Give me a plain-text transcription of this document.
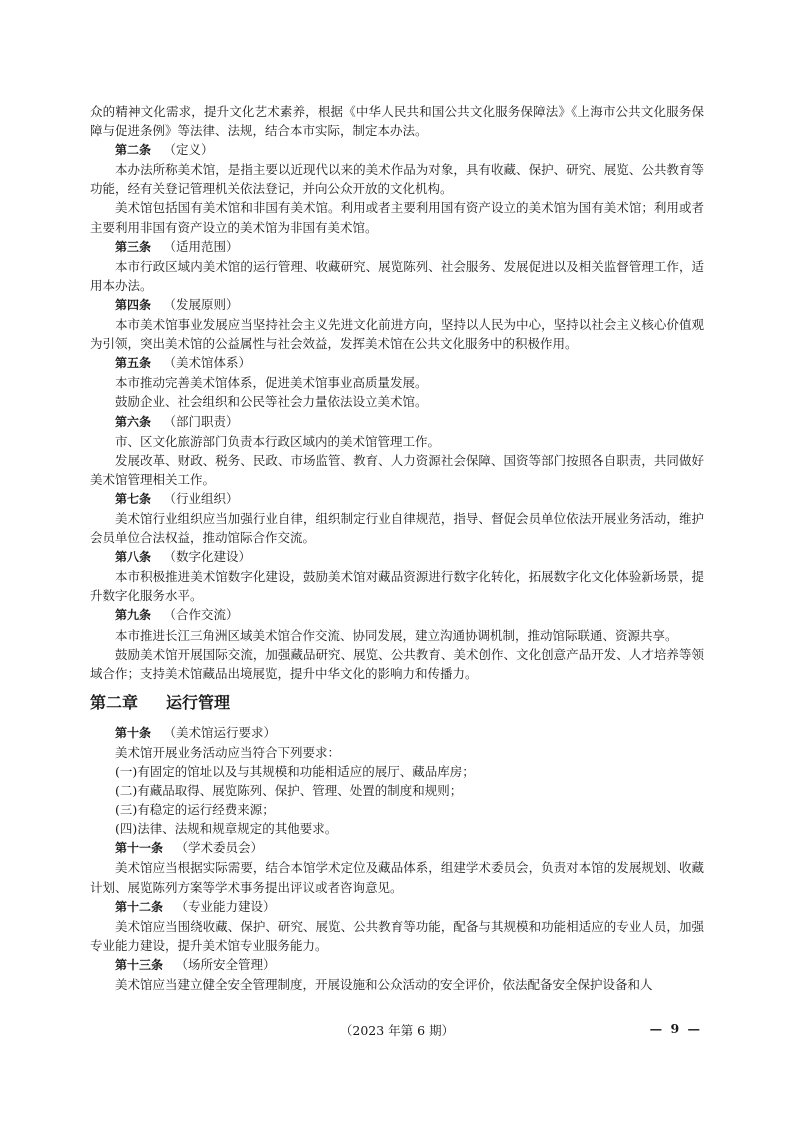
众的精神文化需求，提升文化艺术素养，根据《中华人民共和国公共文化服务保障法》《上海市公共文化服务保障与促进条例》等法律、法规，结合本市实际，制定本办法。

第二条 （定义）

本办法所称美术馆，是指主要以近现代以来的美术作品为对象，具有收藏、保护、研究、展览、公共教育等功能，经有关登记管理机关依法登记，并向公众开放的文化机构。

美术馆包括国有美术馆和非国有美术馆。利用或者主要利用国有资产设立的美术馆为国有美术馆；利用或者主要利用非国有资产设立的美术馆为非国有美术馆。

第三条 （适用范围）

本市行政区域内美术馆的运行管理、收藏研究、展览陈列、社会服务、发展促进以及相关监督管理工作，适用本办法。

第四条 （发展原则）

本市美术馆事业发展应当坚持社会主义先进文化前进方向，坚持以人民为中心，坚持以社会主义核心价值观为引领，突出美术馆的公益属性与社会效益，发挥美术馆在公共文化服务中的积极作用。

第五条 （美术馆体系）

本市推动完善美术馆体系，促进美术馆事业高质量发展。

鼓励企业、社会组织和公民等社会力量依法设立美术馆。

第六条 （部门职责）

市、区文化旅游部门负责本行政区域内的美术馆管理工作。

发展改革、财政、税务、民政、市场监管、教育、人力资源社会保障、国资等部门按照各自职责，共同做好美术馆管理相关工作。

第七条 （行业组织）

美术馆行业组织应当加强行业自律，组织制定行业自律规范，指导、督促会员单位依法开展业务活动，维护会员单位合法权益，推动馆际合作交流。

第八条 （数字化建设）

本市积极推进美术馆数字化建设，鼓励美术馆对藏品资源进行数字化转化，拓展数字化文化体验新场景，提升数字化服务水平。

第九条 （合作交流）

本市推进长江三角洲区域美术馆合作交流、协同发展，建立沟通协调机制，推动馆际联通、资源共享。

鼓励美术馆开展国际交流，加强藏品研究、展览、公共教育、美术创作、文化创意产品开发、人才培养等领域合作；支持美术馆藏品出境展览，提升中华文化的影响力和传播力。

第二章 运行管理

第十条 （美术馆运行要求）

美术馆开展业务活动应当符合下列要求：

(一)有固定的馆址以及与其规模和功能相适应的展厅、藏品库房；

(二)有藏品取得、展览陈列、保护、管理、处置的制度和规则；

(三)有稳定的运行经费来源；

(四)法律、法规和规章规定的其他要求。

第十一条 （学术委员会）

美术馆应当根据实际需要，结合本馆学术定位及藏品体系，组建学术委员会，负责对本馆的发展规划、收藏计划、展览陈列方案等学术事务提出评议或者咨询意见。

第十二条 （专业能力建设）

美术馆应当围绕收藏、保护、研究、展览、公共教育等功能，配备与其规模和功能相适应的专业人员，加强专业能力建设，提升美术馆专业服务能力。

第十三条 （场所安全管理）

美术馆应当建立健全安全管理制度，开展设施和公众活动的安全评价，依法配备安全保护设备和人

（2023 年第 6 期）	— 9 —
